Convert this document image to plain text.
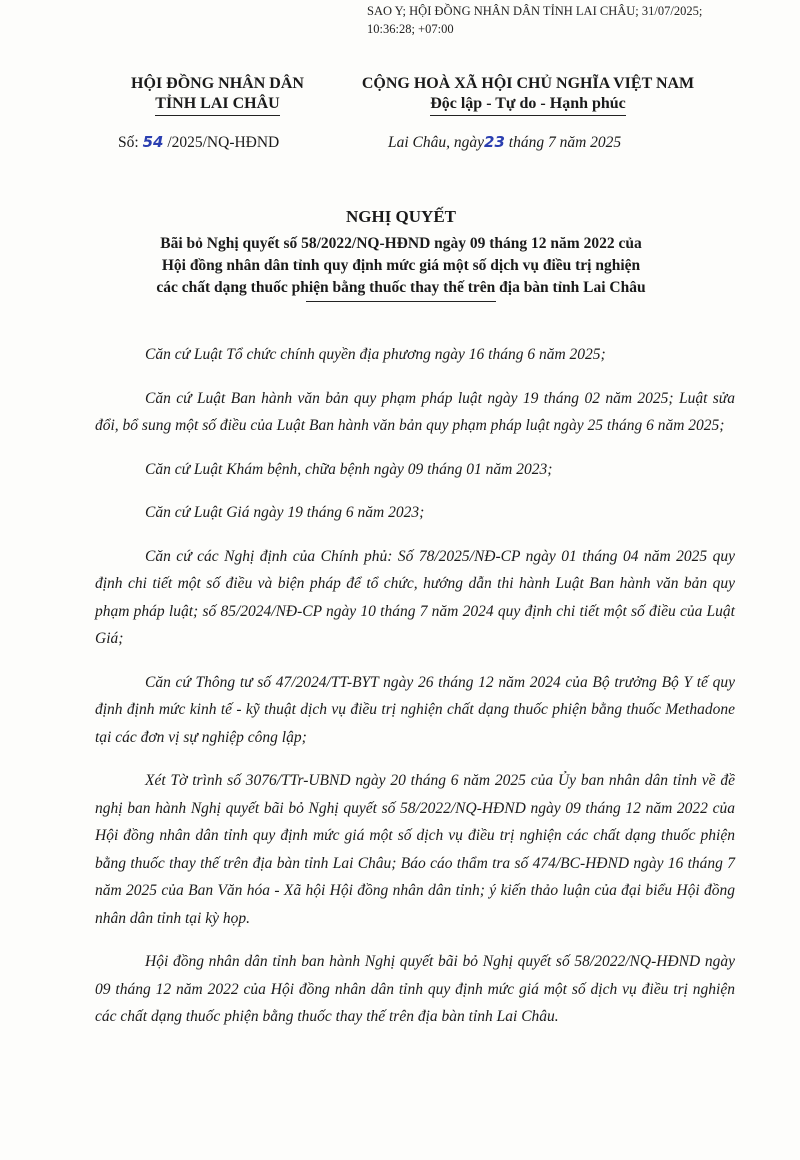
SAO Y; HỘI ĐỒNG NHÂN DÂN TỈNH LAI CHÂU; 31/07/2025;
10:36:28; +07:00
HỘI ĐỒNG NHÂN DÂN
TỈNH LAI CHÂU
CỘNG HOÀ XÃ HỘI CHỦ NGHĨA VIỆT NAM
Độc lập - Tự do - Hạnh phúc
Số: 54 /2025/NQ-HĐND	Lai Châu, ngày23 tháng 7 năm 2025
NGHỊ QUYẾT
Bãi bỏ Nghị quyết số 58/2022/NQ-HĐND ngày 09 tháng 12 năm 2022 của
Hội đồng nhân dân tỉnh quy định mức giá một số dịch vụ điều trị nghiện
các chất dạng thuốc phiện bằng thuốc thay thế trên địa bàn tỉnh Lai Châu

Căn cứ Luật Tổ chức chính quyền địa phương ngày 16 tháng 6 năm 2025;

Căn cứ Luật Ban hành văn bản quy phạm pháp luật ngày 19 tháng 02 năm 2025; Luật sửa đổi, bổ sung một số điều của Luật Ban hành văn bản quy phạm pháp luật ngày 25 tháng 6 năm 2025;

Căn cứ Luật Khám bệnh, chữa bệnh ngày 09 tháng 01 năm 2023;

Căn cứ Luật Giá ngày 19 tháng 6 năm 2023;

Căn cứ các Nghị định của Chính phủ: Số 78/2025/NĐ-CP ngày 01 tháng 04 năm 2025 quy định chi tiết một số điều và biện pháp để tổ chức, hướng dẫn thi hành Luật Ban hành văn bản quy phạm pháp luật; số 85/2024/NĐ-CP ngày 10 tháng 7 năm 2024 quy định chi tiết một số điều của Luật Giá;

Căn cứ Thông tư số 47/2024/TT-BYT ngày 26 tháng 12 năm 2024 của Bộ trưởng Bộ Y tế quy định định mức kinh tế - kỹ thuật dịch vụ điều trị nghiện chất dạng thuốc phiện bằng thuốc Methadone tại các đơn vị sự nghiệp công lập;

Xét Tờ trình số 3076/TTr-UBND ngày 20 tháng 6 năm 2025 của Ủy ban nhân dân tỉnh về đề nghị ban hành Nghị quyết bãi bỏ Nghị quyết số 58/2022/NQ-HĐND ngày 09 tháng 12 năm 2022 của Hội đồng nhân dân tỉnh quy định mức giá một số dịch vụ điều trị nghiện các chất dạng thuốc phiện bằng thuốc thay thế trên địa bàn tỉnh Lai Châu; Báo cáo thẩm tra số 474/BC-HĐND ngày 16 tháng 7 năm 2025 của Ban Văn hóa - Xã hội Hội đồng nhân dân tỉnh; ý kiến thảo luận của đại biểu Hội đồng nhân dân tỉnh tại kỳ họp.

Hội đồng nhân dân tỉnh ban hành Nghị quyết bãi bỏ Nghị quyết số 58/2022/NQ-HĐND ngày 09 tháng 12 năm 2022 của Hội đồng nhân dân tỉnh quy định mức giá một số dịch vụ điều trị nghiện các chất dạng thuốc phiện bằng thuốc thay thế trên địa bàn tỉnh Lai Châu.
